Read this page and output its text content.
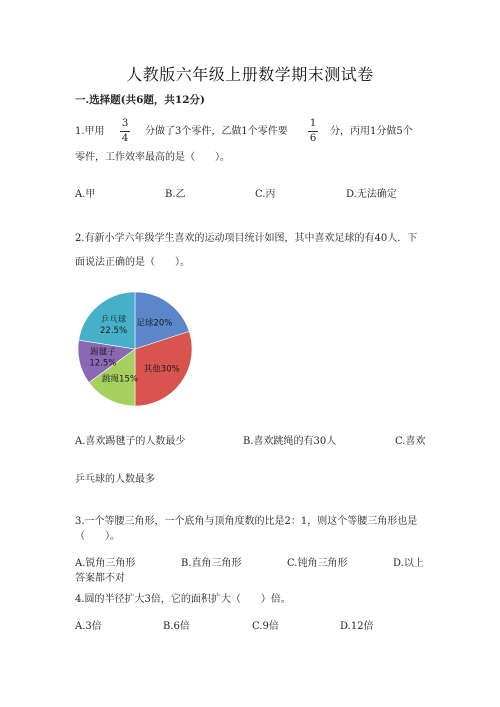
人教版六年级上册数学期末测试卷
一.选择题(共6题，共12分)
1.甲用
3
4
分做了3个零件，乙做1个零件要
1
6
分，丙用1分做5个
零件，工作效率最高的是（　　）。
A.甲	B.乙	C.丙	D.无法确定
2.有新小学六年级学生喜欢的运动项目统计如图，其中喜欢足球的有40人．下
面说法正确的是（　　）。
足球20%
其他30%
跳绳15%
踢毽子
12.5%
乒乓球
22.5%
A.喜欢踢毽子的人数最少	B.喜欢跳绳的有30人	C.喜欢
乒乓球的人数最多
3.一个等腰三角形，一个底角与顶角度数的比是2：1，则这个等腰三角形也是
（　　）。
A.锐角三角形	B.直角三角形	C.钝角三角形	D.以上
答案都不对
4.圆的半径扩大3倍，它的面积扩大（　　）倍。
A.3倍	B.6倍	C.9倍	D.12倍
